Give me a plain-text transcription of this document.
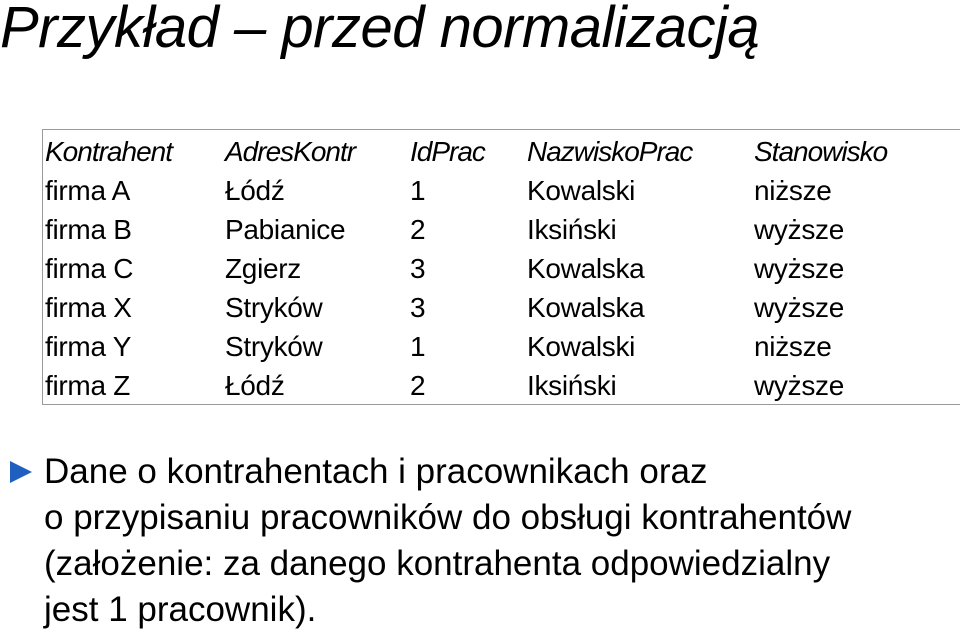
Przykład – przed normalizacją
Kontrahent AdresKontr IdPrac NazwiskoPrac Stanowisko
firma A	Łódź	1	Kowalski	niższe
firma B	Pabianice 2	Iksiński	wyższe
firma C	Zgierz	3	Kowalska	wyższe
firma X	Stryków	3	Kowalska	wyższe
firma Y	Stryków	1	Kowalski	niższe
firma Z	Łódź	2	Iksiński	wyższe
Dane o kontrahentach i pracownikach oraz
o przypisaniu pracowników do obsługi kontrahentów
(założenie: za danego kontrahenta odpowiedzialny
jest 1 pracownik).
